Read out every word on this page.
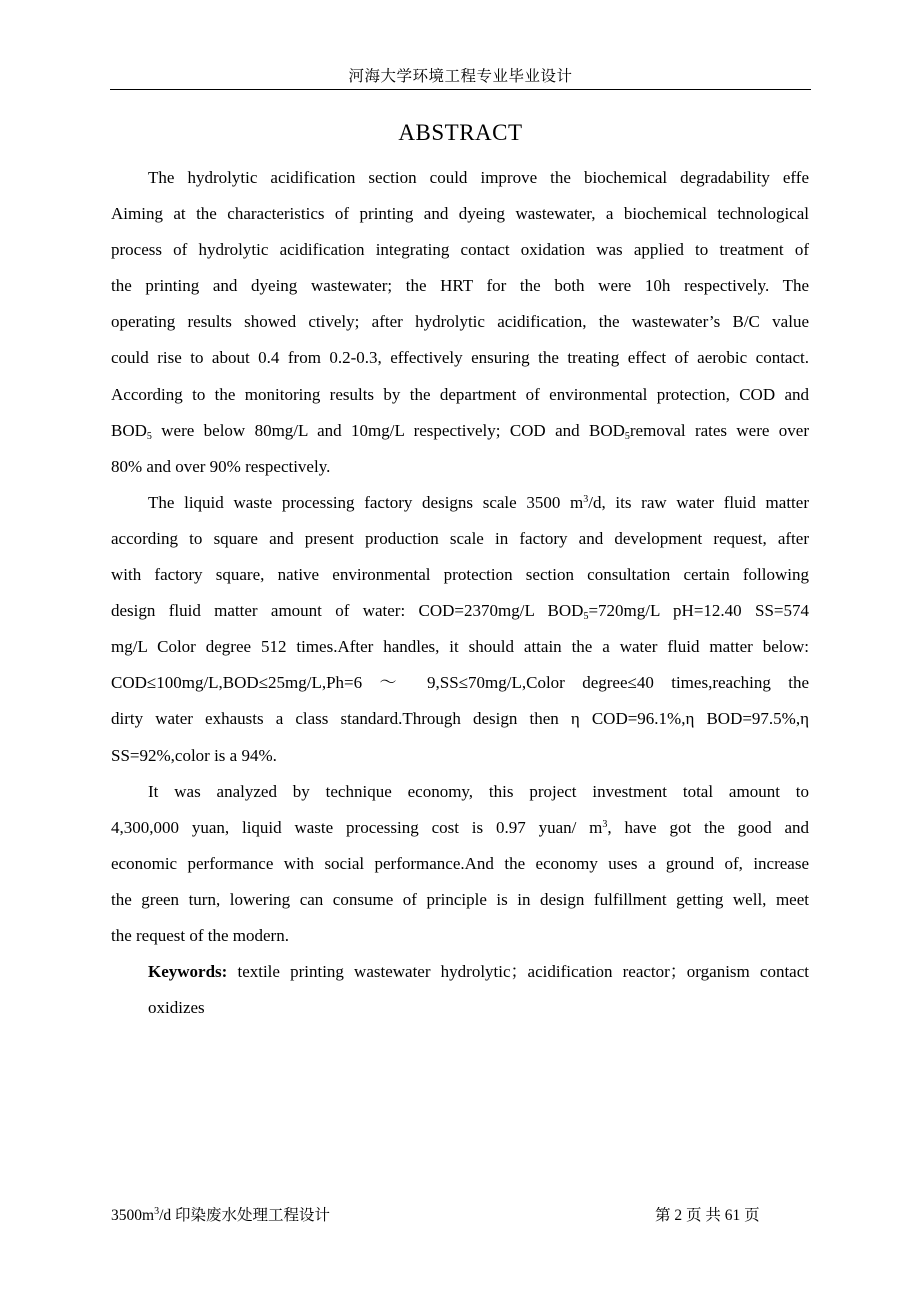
河海大学环境工程专业毕业设计
ABSTRACT

The hydrolytic acidification section could improve the biochemical degradability effe
Aiming at the characteristics of printing and dyeing wastewater, a biochemical technological
process of hydrolytic acidification integrating contact oxidation was applied to treatment of
the printing and dyeing wastewater; the HRT for the both were 10h respectively. The
operating results showed ctively; after hydrolytic acidification, the wastewater’s B/C value
could rise to about 0.4 from 0.2-0.3, effectively ensuring the treating effect of aerobic contact.
According to the monitoring results by the department of environmental protection, COD and
$BOD_5$ were below 80mg/L and 10mg/L respectively; COD and $BOD_5removal$ rates were over
80% and over 90% respectively.

The liquid waste processing factory designs scale 3500 $m^3/d$, its raw water fluid matter
according to square and present production scale in factory and development request, after
with factory square, native environmental protection section consultation certain following
design fluid matter amount of water: COD=2370mg/L $BOD_5=720mg/L$ pH=12.40 SS=574
mg/L Color degree 512 times.After handles, it should attain the a water fluid matter below:
COD≤100mg/L,BOD≤25mg/L,Ph=6 ～ 9,SS≤70mg/L,Color degree≤40 times,reaching the
dirty water exhausts a class standard.Through design then η COD=96.1%,η BOD=97.5%,η
SS=92%,color is a 94%.

It was analyzed by technique economy, this project investment total amount to
4,300,000 yuan, liquid waste processing cost is 0.97 yuan/ $m^3$, have got the good and
economic performance with social performance.And the economy uses a ground of, increase
the green turn, lowering can consume of principle is in design fulfillment getting well, meet
the request of the modern.

Keywords: textile printing wastewater hydrolytic；acidification reactor；organism contact
oxidizes

$3500m^3/d$ 印染废水处理工程设计	第 2 页 共 61 页
